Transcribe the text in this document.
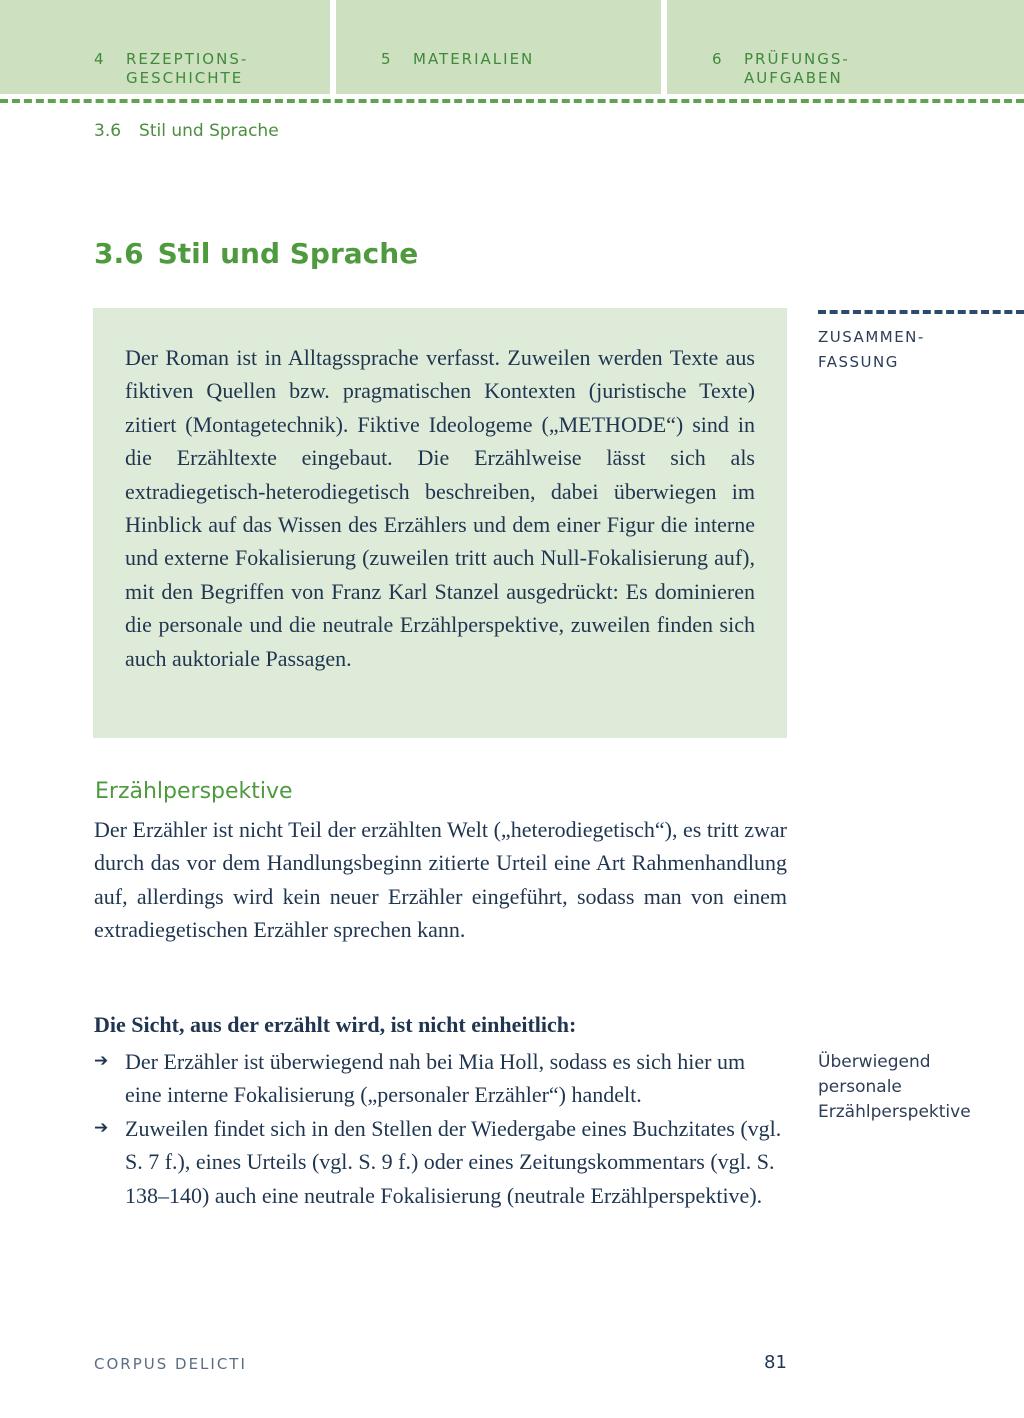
4 REZEPTIONS-
GESCHICHTE
5 MATERIALIEN	6 PRÜFUNGS-
AUFGABEN
3.6 Stil und Sprache
3.6 Stil und Sprache

Der Roman ist in Alltagssprache verfasst. Zuweilen werden Texte aus fiktiven Quellen bzw. pragmatischen Kontexten (juristische Texte) zitiert (Montagetechnik). Fiktive Ideologeme („METHODE“) sind in die Erzähltexte eingebaut. Die Erzählweise lässt sich als extradiegetisch-heterodiegetisch beschreiben, dabei überwiegen im Hinblick auf das Wissen des Erzählers und dem einer Figur die interne und externe Fokalisierung (zuweilen tritt auch Null-Fokalisierung auf), mit den Begriffen von Franz Karl Stanzel ausgedrückt: Es dominieren die personale und die neutrale Erzählperspektive, zuweilen finden sich auch auktoriale Passagen.

ZUSAMMEN-
FASSUNG
Erzählperspektive

Der Erzähler ist nicht Teil der erzählten Welt („heterodiegetisch“), es tritt zwar durch das vor dem Handlungsbeginn zitierte Urteil eine Art Rahmenhandlung auf, allerdings wird kein neuer Erzähler eingeführt, sodass man von einem extradiegetischen Erzähler sprechen kann.

Die Sicht, aus der erzählt wird, ist nicht einheitlich:

➔ Der Erzähler ist überwiegend nah bei Mia Holl, sodass es sich hier um eine interne Fokalisierung („personaler Erzähler“) handelt.
➔ Zuweilen findet sich in den Stellen der Wiedergabe eines Buchzitates (vgl. S. 7 f.), eines Urteils (vgl. S. 9 f.) oder eines Zeitungskommentars (vgl. S. 138–140) auch eine neutrale Fokalisierung (neutrale Erzählperspektive).
Überwiegend personale Erzählperspektive
CORPUS DELICTI	81
